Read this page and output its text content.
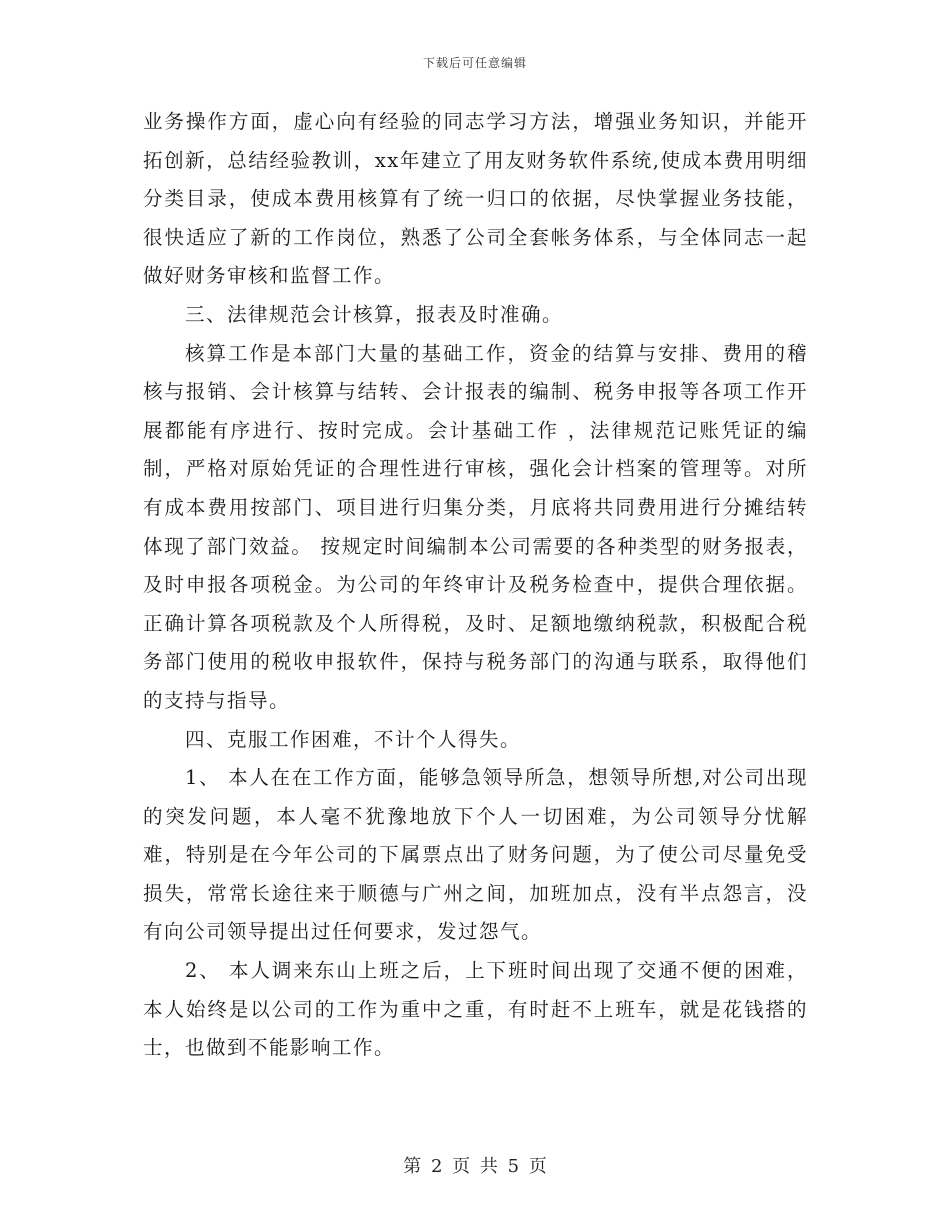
下载后可任意编辑

业务操作方面，虚心向有经验的同志学习方法，增强业务知识，并能开拓创新，总结经验教训，xx年建立了用友财务软件系统,使成本费用明细分类目录，使成本费用核算有了统一归口的依据，尽快掌握业务技能，很快适应了新的工作岗位，熟悉了公司全套帐务体系，与全体同志一起做好财务审核和监督工作。

三、法律规范会计核算，报表及时准确。

核算工作是本部门大量的基础工作，资金的结算与安排、费用的稽核与报销、会计核算与结转、会计报表的编制、税务申报等各项工作开展都能有序进行、按时完成。会计基础工作 ，法律规范记账凭证的编制，严格对原始凭证的合理性进行审核，强化会计档案的管理等。对所有成本费用按部门、项目进行归集分类，月底将共同费用进行分摊结转体现了部门效益。 按规定时间编制本公司需要的各种类型的财务报表，及时申报各项税金。为公司的年终审计及税务检查中，提供合理依据。正确计算各项税款及个人所得税，及时、足额地缴纳税款，积极配合税务部门使用的税收申报软件，保持与税务部门的沟通与联系，取得他们的支持与指导。

四、克服工作困难，不计个人得失。

1、 本人在在工作方面，能够急领导所急，想领导所想,对公司出现的突发问题，本人毫不犹豫地放下个人一切困难，为公司领导分忧解难，特别是在今年公司的下属票点出了财务问题，为了使公司尽量免受损失，常常长途往来于顺德与广州之间，加班加点，没有半点怨言，没有向公司领导提出过任何要求，发过怨气。

2、 本人调来东山上班之后，上下班时间出现了交通不便的困难，本人始终是以公司的工作为重中之重，有时赶不上班车，就是花钱搭的士，也做到不能影响工作。

第 2 页 共 5 页
